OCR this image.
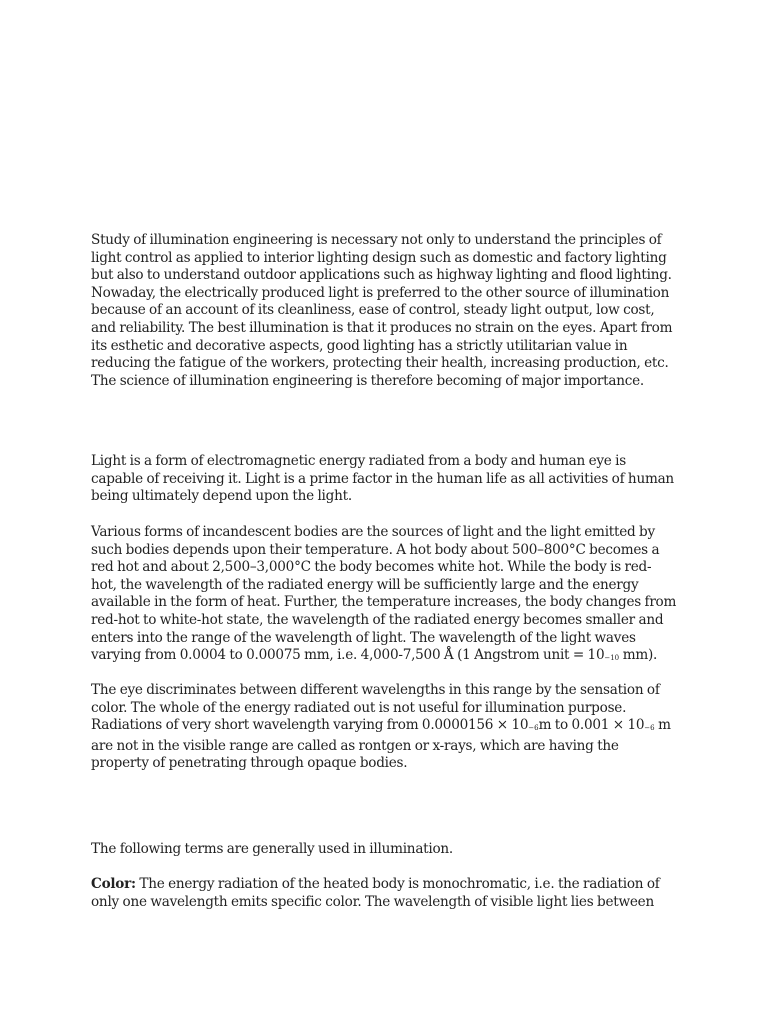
Study of illumination engineering is necessary not only to understand the principles of light control as applied to interior lighting design such as domestic and factory lighting but also to understand outdoor applications such as highway lighting and flood lighting. Nowaday, the electrically produced light is preferred to the other source of illumination because of an account of its cleanliness, ease of control, steady light output, low cost, and reliability. The best illumination is that it produces no strain on the eyes. Apart from its esthetic and decorative aspects, good lighting has a strictly utilitarian value in reducing the fatigue of the workers, protecting their health, increasing production, etc. The science of illumination engineering is therefore becoming of major importance.

Light is a form of electromagnetic energy radiated from a body and human eye is capable of receiving it. Light is a prime factor in the human life as all activities of human being ultimately depend upon the light.

Various forms of incandescent bodies are the sources of light and the light emitted by such bodies depends upon their temperature. A hot body about 500–800°C becomes a red hot and about 2,500–3,000°C the body becomes white hot. While the body is red-hot, the wavelength of the radiated energy will be sufficiently large and the energy available in the form of heat. Further, the temperature increases, the body changes from red-hot to white-hot state, the wavelength of the radiated energy becomes smaller and enters into the range of the wavelength of light. The wavelength of the light waves varying from 0.0004 to 0.00075 mm, i.e. 4,000-7,500 Å (1 Angstrom unit = 10−10 mm).

The eye discriminates between different wavelengths in this range by the sensation of color. The whole of the energy radiated out is not useful for illumination purpose. Radiations of very short wavelength varying from 0.0000156 × 10−6m to 0.001 × 10−6 m are not in the visible range are called as rontgen or x-rays, which are having the property of penetrating through opaque bodies.

The following terms are generally used in illumination.

Color: The energy radiation of the heated body is monochromatic, i.e. the radiation of only one wavelength emits specific color. The wavelength of visible light lies between
